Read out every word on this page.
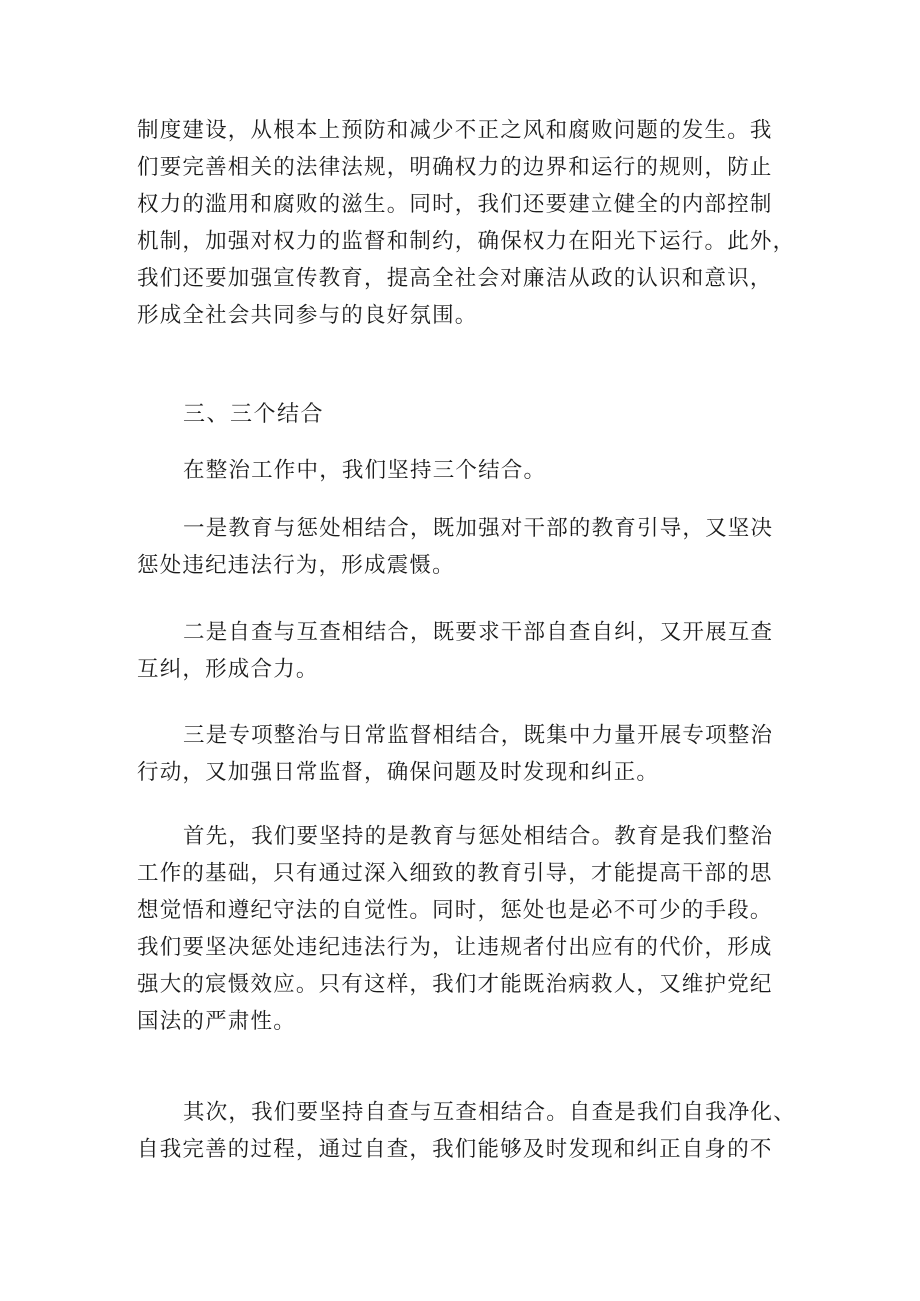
制度建设，从根本上预防和减少不正之风和腐败问题的发生。我
们要完善相关的法律法规，明确权力的边界和运行的规则，防止
权力的滥用和腐败的滋生。同时，我们还要建立健全的内部控制
机制，加强对权力的监督和制约，确保权力在阳光下运行。此外，
我们还要加强宣传教育，提高全社会对廉洁从政的认识和意识，
形成全社会共同参与的良好氛围。
三、三个结合
在整治工作中，我们坚持三个结合。
一是教育与惩处相结合，既加强对干部的教育引导，又坚决
惩处违纪违法行为，形成震慑。
二是自查与互查相结合，既要求干部自查自纠，又开展互查
互纠，形成合力。
三是专项整治与日常监督相结合，既集中力量开展专项整治
行动，又加强日常监督，确保问题及时发现和纠正。
首先，我们要坚持的是教育与惩处相结合。教育是我们整治
工作的基础，只有通过深入细致的教育引导，才能提高干部的思
想觉悟和遵纪守法的自觉性。同时，惩处也是必不可少的手段。
我们要坚决惩处违纪违法行为，让违规者付出应有的代价，形成
强大的宸慑效应。只有这样，我们才能既治病救人，又维护党纪
国法的严肃性。
其次，我们要坚持自查与互查相结合。自查是我们自我净化、
自我完善的过程，通过自查，我们能够及时发现和纠正自身的不
